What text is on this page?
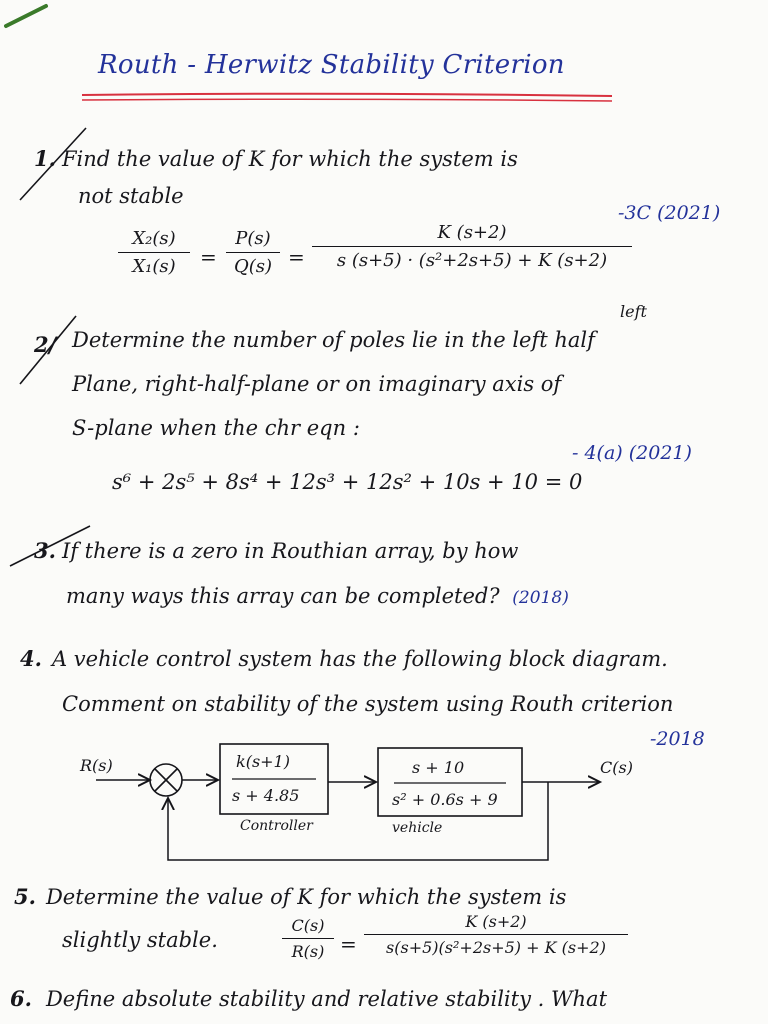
Routh - Herwitz Stability Criterion
1. Find the value of K for which the system is
not stable
-3C (2021)
X₂(s)
X₁(s)	=
P(s)
Q(s) =
K (s+2)
s (s+5) · (s²+2s+5) + K (s+2)
2/
left
Determine the number of poles lie in the left half
Plane, right-half-plane or on imaginary axis of
S-plane when the chr eqn :
- 4(a) (2021)
s⁶ + 2s⁵ + 8s⁴ + 12s³ + 12s² + 10s + 10 = 0
3. If there is a zero in Routhian array, by how
many ways this array can be completed? (2018)
4. A vehicle control system has the following block diagram.
Comment on stability of the system using Routh criterion
-2018
R(s)	C(s)
k(s+1)
s + 4.85
Controller
s + 10
s² + 0.6s + 9
vehicle
5. Determine the value of K for which the system is
slightly stable.
C(s)
R(s) =
K (s+2)
s(s+5)(s²+2s+5) + K (s+2)
6. Define absolute stability and relative stability . What
